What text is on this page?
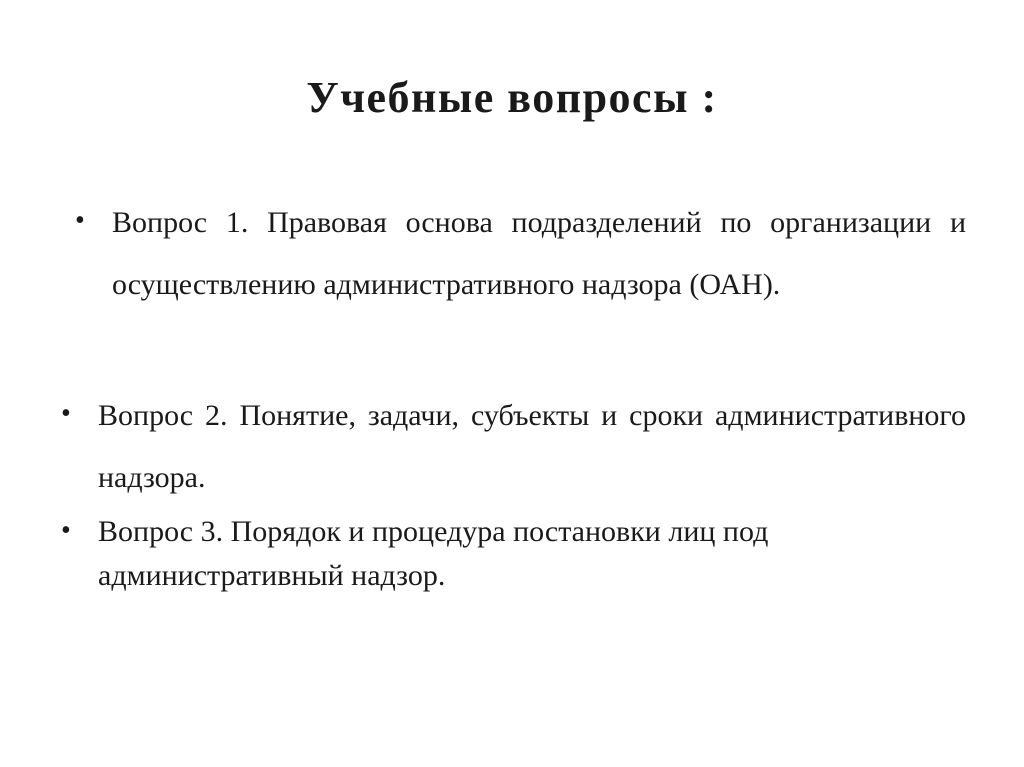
Учебные вопросы :
• Вопрос 1. Правовая основа подразделений по организации и осуществлению административного надзора (ОАН).
• Вопрос 2. Понятие, задачи, субъекты и сроки административного надзора.
• Вопрос 3. Порядок и процедура постановки лиц под административный надзор.
